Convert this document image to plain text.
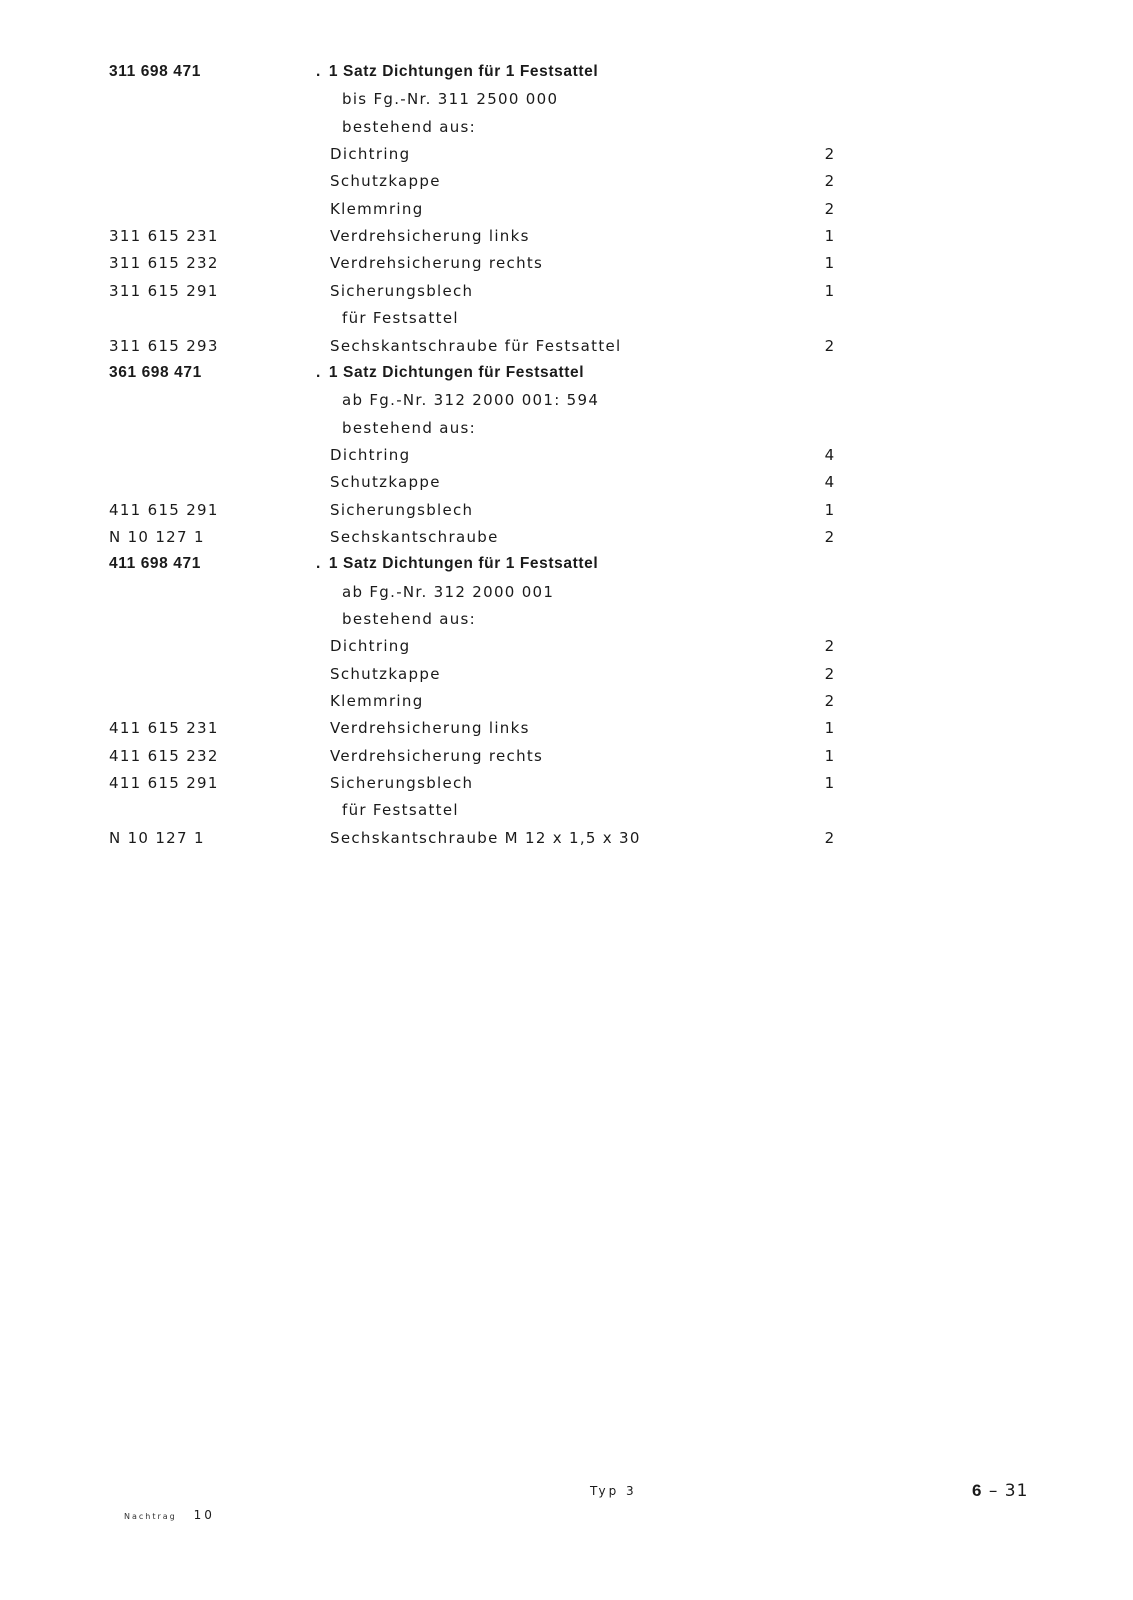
311 698 471	. 1 Satz Dichtungen für 1 Festsattel
bis Fg.-Nr. 311 2500 000
bestehend aus:
Dichtring	2
Schutzkappe	2
Klemmring	2
311 615 231	Verdrehsicherung links	1
311 615 232	Verdrehsicherung rechts	1
311 615 291	Sicherungsblech	1
für Festsattel
311 615 293	Sechskantschraube für Festsattel	2
361 698 471	. 1 Satz Dichtungen für Festsattel
ab Fg.-Nr. 312 2000 001: 594
bestehend aus:
Dichtring	4
Schutzkappe	4
411 615 291	Sicherungsblech	1
N 10 127 1	Sechskantschraube	2
411 698 471	. 1 Satz Dichtungen für 1 Festsattel
ab Fg.-Nr. 312 2000 001
bestehend aus:
Dichtring	2
Schutzkappe	2
Klemmring	2
411 615 231	Verdrehsicherung links	1
411 615 232	Verdrehsicherung rechts	1
411 615 291	Sicherungsblech	1
für Festsattel
N 10 127 1	Sechskantschraube M 12 x 1,5 x 30	2
Typ 3	6 – 31
Nachtrag 10
